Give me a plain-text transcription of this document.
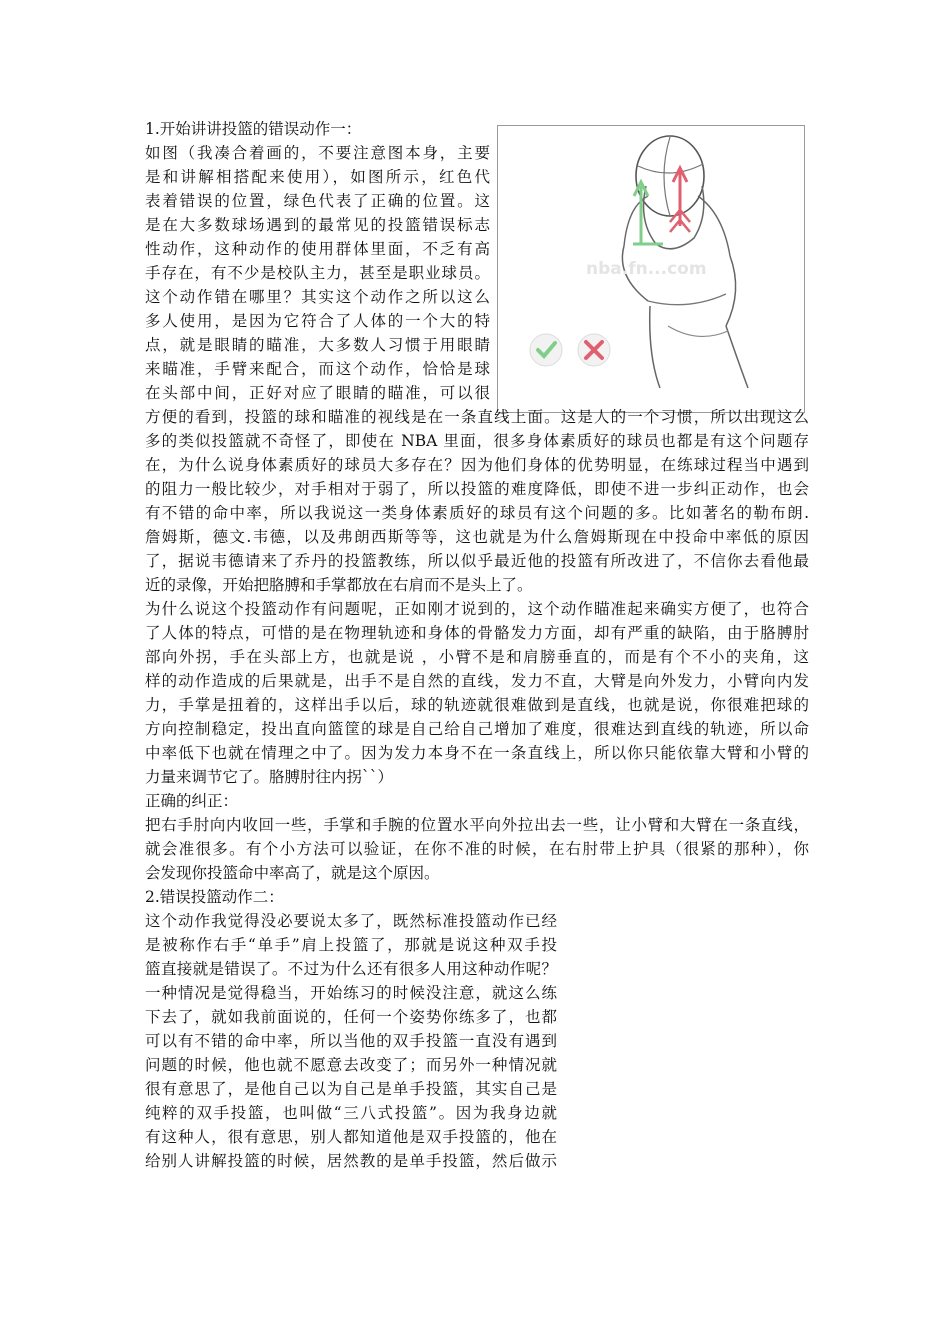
nba.fn...com
1.开始讲讲投篮的错误动作一：
如图（我凑合着画的，不要注意图本身，主要
是和讲解相搭配来使用），如图所示，红色代
表着错误的位置，绿色代表了正确的位置。这
是在大多数球场遇到的最常见的投篮错误标志
性动作，这种动作的使用群体里面，不乏有高
手存在，有不少是校队主力，甚至是职业球员。
这个动作错在哪里？其实这个动作之所以这么
多人使用，是因为它符合了人体的一个大的特
点，就是眼睛的瞄准，大多数人习惯于用眼睛
来瞄准，手臂来配合，而这个动作，恰恰是球
在头部中间，正好对应了眼睛的瞄准，可以很
方便的看到，投篮的球和瞄准的视线是在一条直线上面。这是人的一个习惯，所以出现这么
多的类似投篮就不奇怪了，即使在 NBA 里面，很多身体素质好的球员也都是有这个问题存
在，为什么说身体素质好的球员大多存在？因为他们身体的优势明显，在练球过程当中遇到
的阻力一般比较少，对手相对于弱了，所以投篮的难度降低，即使不进一步纠正动作，也会
有不错的命中率，所以我说这一类身体素质好的球员有这个问题的多。比如著名的勒布朗.
詹姆斯，德文.韦德，以及弗朗西斯等等，这也就是为什么詹姆斯现在中投命中率低的原因
了，据说韦德请来了乔丹的投篮教练，所以似乎最近他的投篮有所改进了，不信你去看他最
近的录像，开始把胳膊和手掌都放在右肩而不是头上了。
为什么说这个投篮动作有问题呢，正如刚才说到的，这个动作瞄准起来确实方便了，也符合
了人体的特点，可惜的是在物理轨迹和身体的骨骼发力方面，却有严重的缺陷，由于胳膊肘
部向外拐，手在头部上方，也就是说 ，小臂不是和肩膀垂直的，而是有个不小的夹角，这
样的动作造成的后果就是，出手不是自然的直线，发力不直，大臂是向外发力，小臂向内发
力，手掌是扭着的，这样出手以后，球的轨迹就很难做到是直线，也就是说，你很难把球的
方向控制稳定，投出直向篮筐的球是自己给自己增加了难度，很难达到直线的轨迹，所以命
中率低下也就在情理之中了。因为发力本身不在一条直线上，所以你只能依靠大臂和小臂的
力量来调节它了。胳膊肘往内拐``）
正确的纠正：
把右手肘向内收回一些，手掌和手腕的位置水平向外拉出去一些，让小臂和大臂在一条直线，
就会准很多。有个小方法可以验证，在你不准的时候，在右肘带上护具（很紧的那种），你
会发现你投篮命中率高了，就是这个原因。
2.错误投篮动作二：
这个动作我觉得没必要说太多了，既然标准投篮动作已经
是被称作右手“单手”肩上投篮了，那就是说这种双手投
篮直接就是错误了。不过为什么还有很多人用这种动作呢？
一种情况是觉得稳当，开始练习的时候没注意，就这么练
下去了，就如我前面说的，任何一个姿势你练多了，也都
可以有不错的命中率，所以当他的双手投篮一直没有遇到
问题的时候，他也就不愿意去改变了；而另外一种情况就
很有意思了，是他自己以为自己是单手投篮，其实自己是
纯粹的双手投篮，也叫做“三八式投篮”。因为我身边就
有这种人，很有意思，别人都知道他是双手投篮的，他在
给别人讲解投篮的时候，居然教的是单手投篮，然后做示
